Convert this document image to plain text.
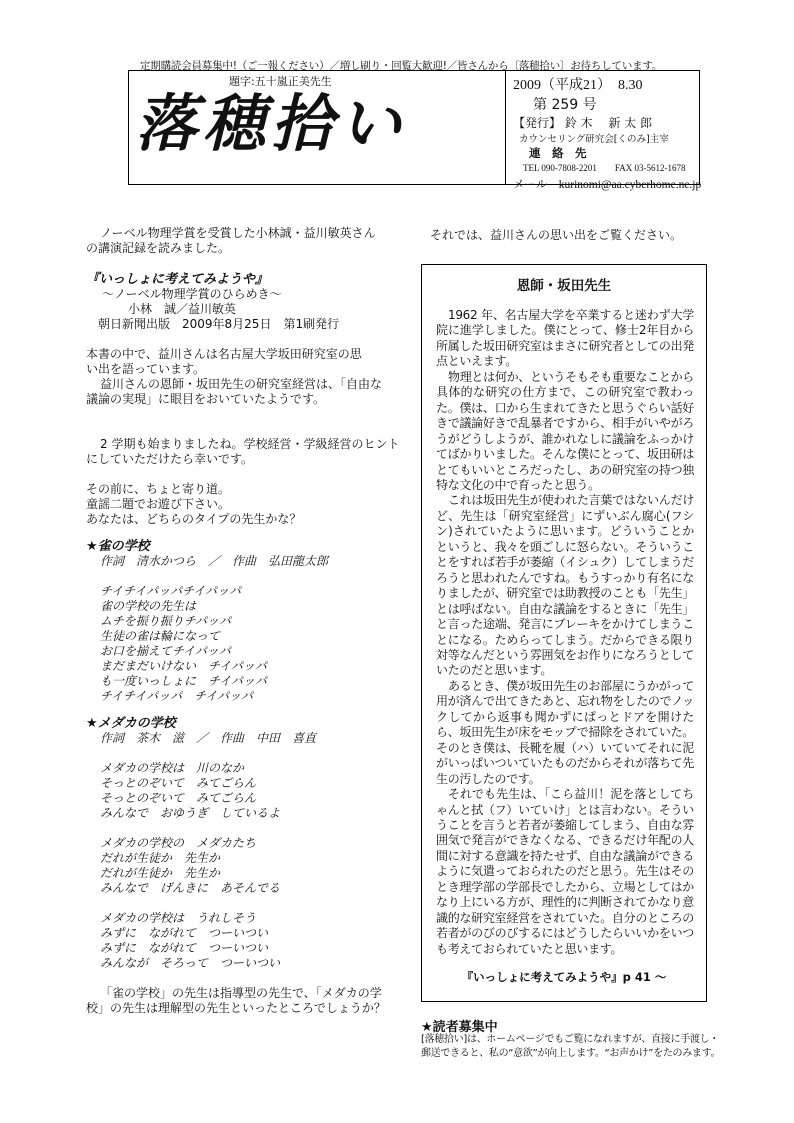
定期購読会員募集中!（ご一報ください）／増し刷り・回覧大歓迎!／皆さんから〔落穂拾い〕お待ちしています。
題字:五十嵐正美先生
落穂拾い
2009（平成21）　8.30
第 259 号
【発行】 鈴 木　 新 太 郎
カウンセリング研究会[くのみ]主宰
連　絡　先
TEL 090-7808-2201　　FAX 03-5612-1678
メール　kurinomi@aa.cyberhome.ne.jp

ノーベル物理学賞を受賞した小林誠・益川敏英さん

の講演記録を読みました。

『いっしょに考えてみようや』

～ノーベル物理学賞のひらめき～

小林　誠／益川敏英

朝日新聞出版　2009年8月25日　第1刷発行

本書の中で、益川さんは名古屋大学坂田研究室の思

い出を語っています。

益川さんの恩師・坂田先生の研究室経営は、「自由な

議論の実現」に眼目をおいていたようです。

2 学期も始まりましたね。学校経営・学級経営のヒント

にしていただけたら幸いです。

その前に、ちょと寄り道。

童謡二題でお遊び下さい。

あなたは、どちらのタイプの先生かな？

★雀の学校

作詞　清水かつら　／　作曲　弘田龍太郎

チイチイパッパチイパッパ

雀の学校の先生は

ムチを振り振りチパッパ

生徒の雀は輪になって

お口を揃えてチイパッパ

まだまだいけない　チイパッパ

も一度いっしょに　チイパッパ

チイチイパッパ　チイパッパ

★メダカの学校

作詞　茶木　滋　／　作曲　中田　喜直

メダカの学校は　川のなか

そっとのぞいて　みてごらん

そっとのぞいて　みてごらん

みんなで　おゆうぎ　しているよ

メダカの学校の　メダカたち

だれが生徒か　先生か

だれが生徒か　先生か

みんなで　げんきに　あそんでる

メダカの学校は　うれしそう

みずに　ながれて　つーいつい

みずに　ながれて　つーいつい

みんなが　そろって　つーいつい

「雀の学校」の先生は指導型の先生で、「メダカの学

校」の先生は理解型の先生といったところでしょうか？

それでは、益川さんの思い出をご覧ください。
恩師・坂田先生

1962 年、名古屋大学を卒業すると迷わず大学院に進学しました。僕にとって、修士2年目から所属した坂田研究室はまさに研究者としての出発点といえます。

物理とは何か、というそもそも重要なことから具体的な研究の仕方まで、この研究室で教わった。僕は、口から生まれてきたと思うぐらい話好きで議論好きで乱暴者ですから、相手がいやがろうがどうしようが、誰かれなしに議論をふっかけてばかりいました。そんな僕にとって、坂田研はとてもいいところだったし、あの研究室の持つ独特な文化の中で育ったと思う。

これは坂田先生が使われた言葉ではないんだけど、先生は「研究室経営」にずいぶん腐心(フシン)されていたように思います。どういうことかというと、我々を頭ごしに怒らない。そういうことをすれば若手が萎縮（イシュク）してしまうだろうと思われたんですね。もうすっかり有名になりましたが、研究室では助教授のことも「先生」とは呼ばない。自由な議論をするときに「先生」と言った途端、発言にブレーキをかけてしまうことになる。ためらってしまう。だからできる限り対等なんだという雰囲気をお作りになろうとしていたのだと思います。

あるとき、僕が坂田先生のお部屋にうかがって用が済んで出てきたあと、忘れ物をしたのでノックしてから返事も聞かずにぱっとドアを開けたら、坂田先生が床をモップで掃除をされていた。そのとき僕は、長靴を履（ハ）いていてそれに泥がいっぱいついていたものだからそれが落ちて先生の汚したのです。

それでも先生は、「こら益川！泥を落としてちゃんと拭（フ）いていけ」とは言わない。そういうことを言うと若者が萎縮してしまう、自由な雰囲気で発言ができなくなる、できるだけ年配の人間に対する意識を持たせず、自由な議論ができるように気遣っておられたのだと思う。先生はそのとき理学部の学部長でしたから、立場としてはかなり上にいる方が、理性的に判断されてかなり意識的な研究室経営をされていた。自分のところの若者がのびのびするにはどうしたらいいかをいつも考えておられていたと思います。

『いっしょに考えてみようや』p 41 ～
★読者募集中
[落穂拾い]は、ホームページでもご覧になれますが、直接に手渡し・郵送できると、私の“意欲”が向上します。“お声かけ”をたのみます。
